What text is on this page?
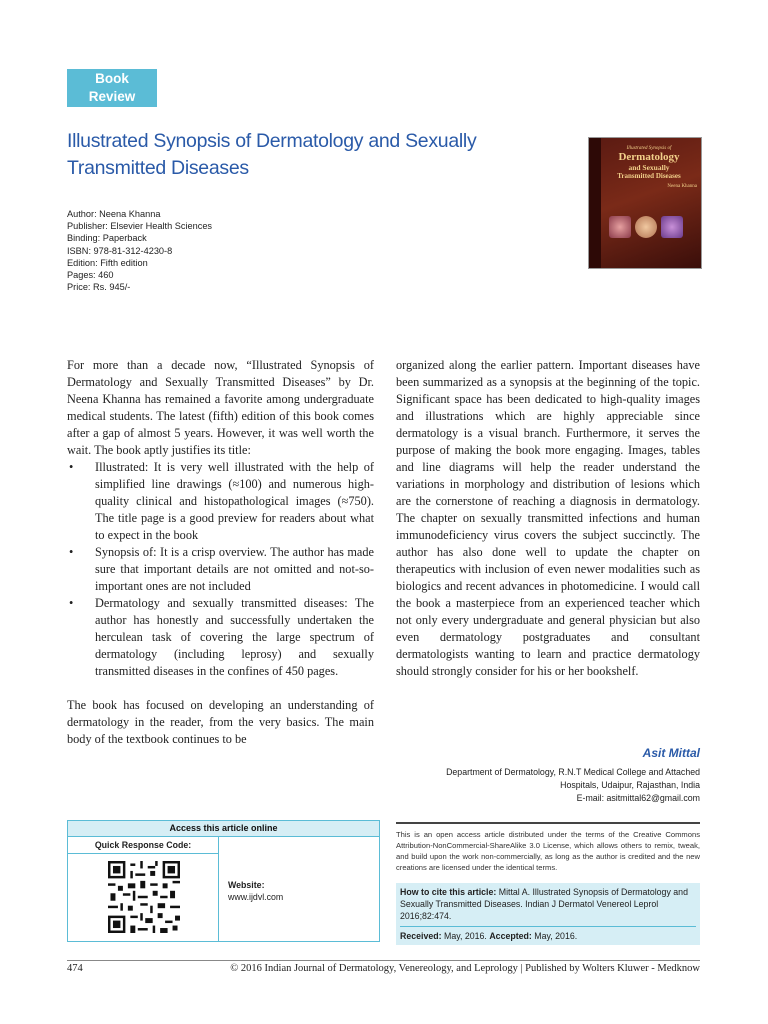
Book
Review
Illustrated Synopsis of Dermatology and Sexually
Transmitted Diseases
Author: Neena Khanna
Publisher: Elsevier Health Sciences
Binding: Paperback
ISBN: 978-81-312-4230-8
Edition: Fifth edition
Pages: 460
Price: Rs. 945/-
Illustrated Synopsis of
Dermatology
and Sexually
Transmitted Diseases
Neena Khanna

For more than a decade now, “Illustrated Synopsis of Dermatology and Sexually Transmitted Diseases” by Dr. Neena Khanna has remained a favorite among undergraduate medical students. The latest (fifth) edition of this book comes after a gap of almost 5 years. However, it was well worth the wait. The book aptly justifies its title:

• Illustrated: It is very well illustrated with the help of simplified line drawings (≈100) and numerous high-quality clinical and histopathological images (≈750). The title page is a good preview for readers about what to expect in the book
• Synopsis of: It is a crisp overview. The author has made sure that important details are not omitted and not-so-important ones are not included
• Dermatology and sexually transmitted diseases: The author has honestly and successfully undertaken the herculean task of covering the large spectrum of dermatology (including leprosy) and sexually transmitted diseases in the confines of 450 pages.

The book has focused on developing an understanding of dermatology in the reader, from the very basics. The main body of the textbook continues to be

organized along the earlier pattern. Important diseases have been summarized as a synopsis at the beginning of the topic. Significant space has been dedicated to high-quality images and illustrations which are highly appreciable since dermatology is a visual branch. Furthermore, it serves the purpose of making the book more engaging. Images, tables and line diagrams will help the reader understand the variations in morphology and distribution of lesions which are the cornerstone of reaching a diagnosis in dermatology. The chapter on sexually transmitted infections and human immunodeficiency virus covers the subject succinctly. The author has also done well to update the chapter on therapeutics with inclusion of even newer modalities such as biologics and recent advances in photomedicine. I would call the book a masterpiece from an experienced teacher which not only every undergraduate and general physician but also even dermatology postgraduates and consultant dermatologists wanting to learn and practice dermatology should strongly consider for his or her bookshelf.

Asit Mittal
Department of Dermatology, R.N.T Medical College and Attached
Hospitals, Udaipur, Rajasthan, India
E-mail: asitmittal62@gmail.com
Access this article online
Quick Response Code:
Website:
www.ijdvl.com
This is an open access article distributed under the terms of the Creative Commons Attribution-NonCommercial-ShareAlike 3.0 License, which allows others to remix, tweak, and build upon the work non-commercially, as long as the author is credited and the new creations are licensed under the identical terms.
How to cite this article: Mittal A. Illustrated Synopsis of Dermatology and Sexually Transmitted Diseases. Indian J Dermatol Venereol Leprol 2016;82:474.
Received: May, 2016. Accepted: May, 2016.
474	© 2016 Indian Journal of Dermatology, Venereology, and Leprology | Published by Wolters Kluwer - Medknow
